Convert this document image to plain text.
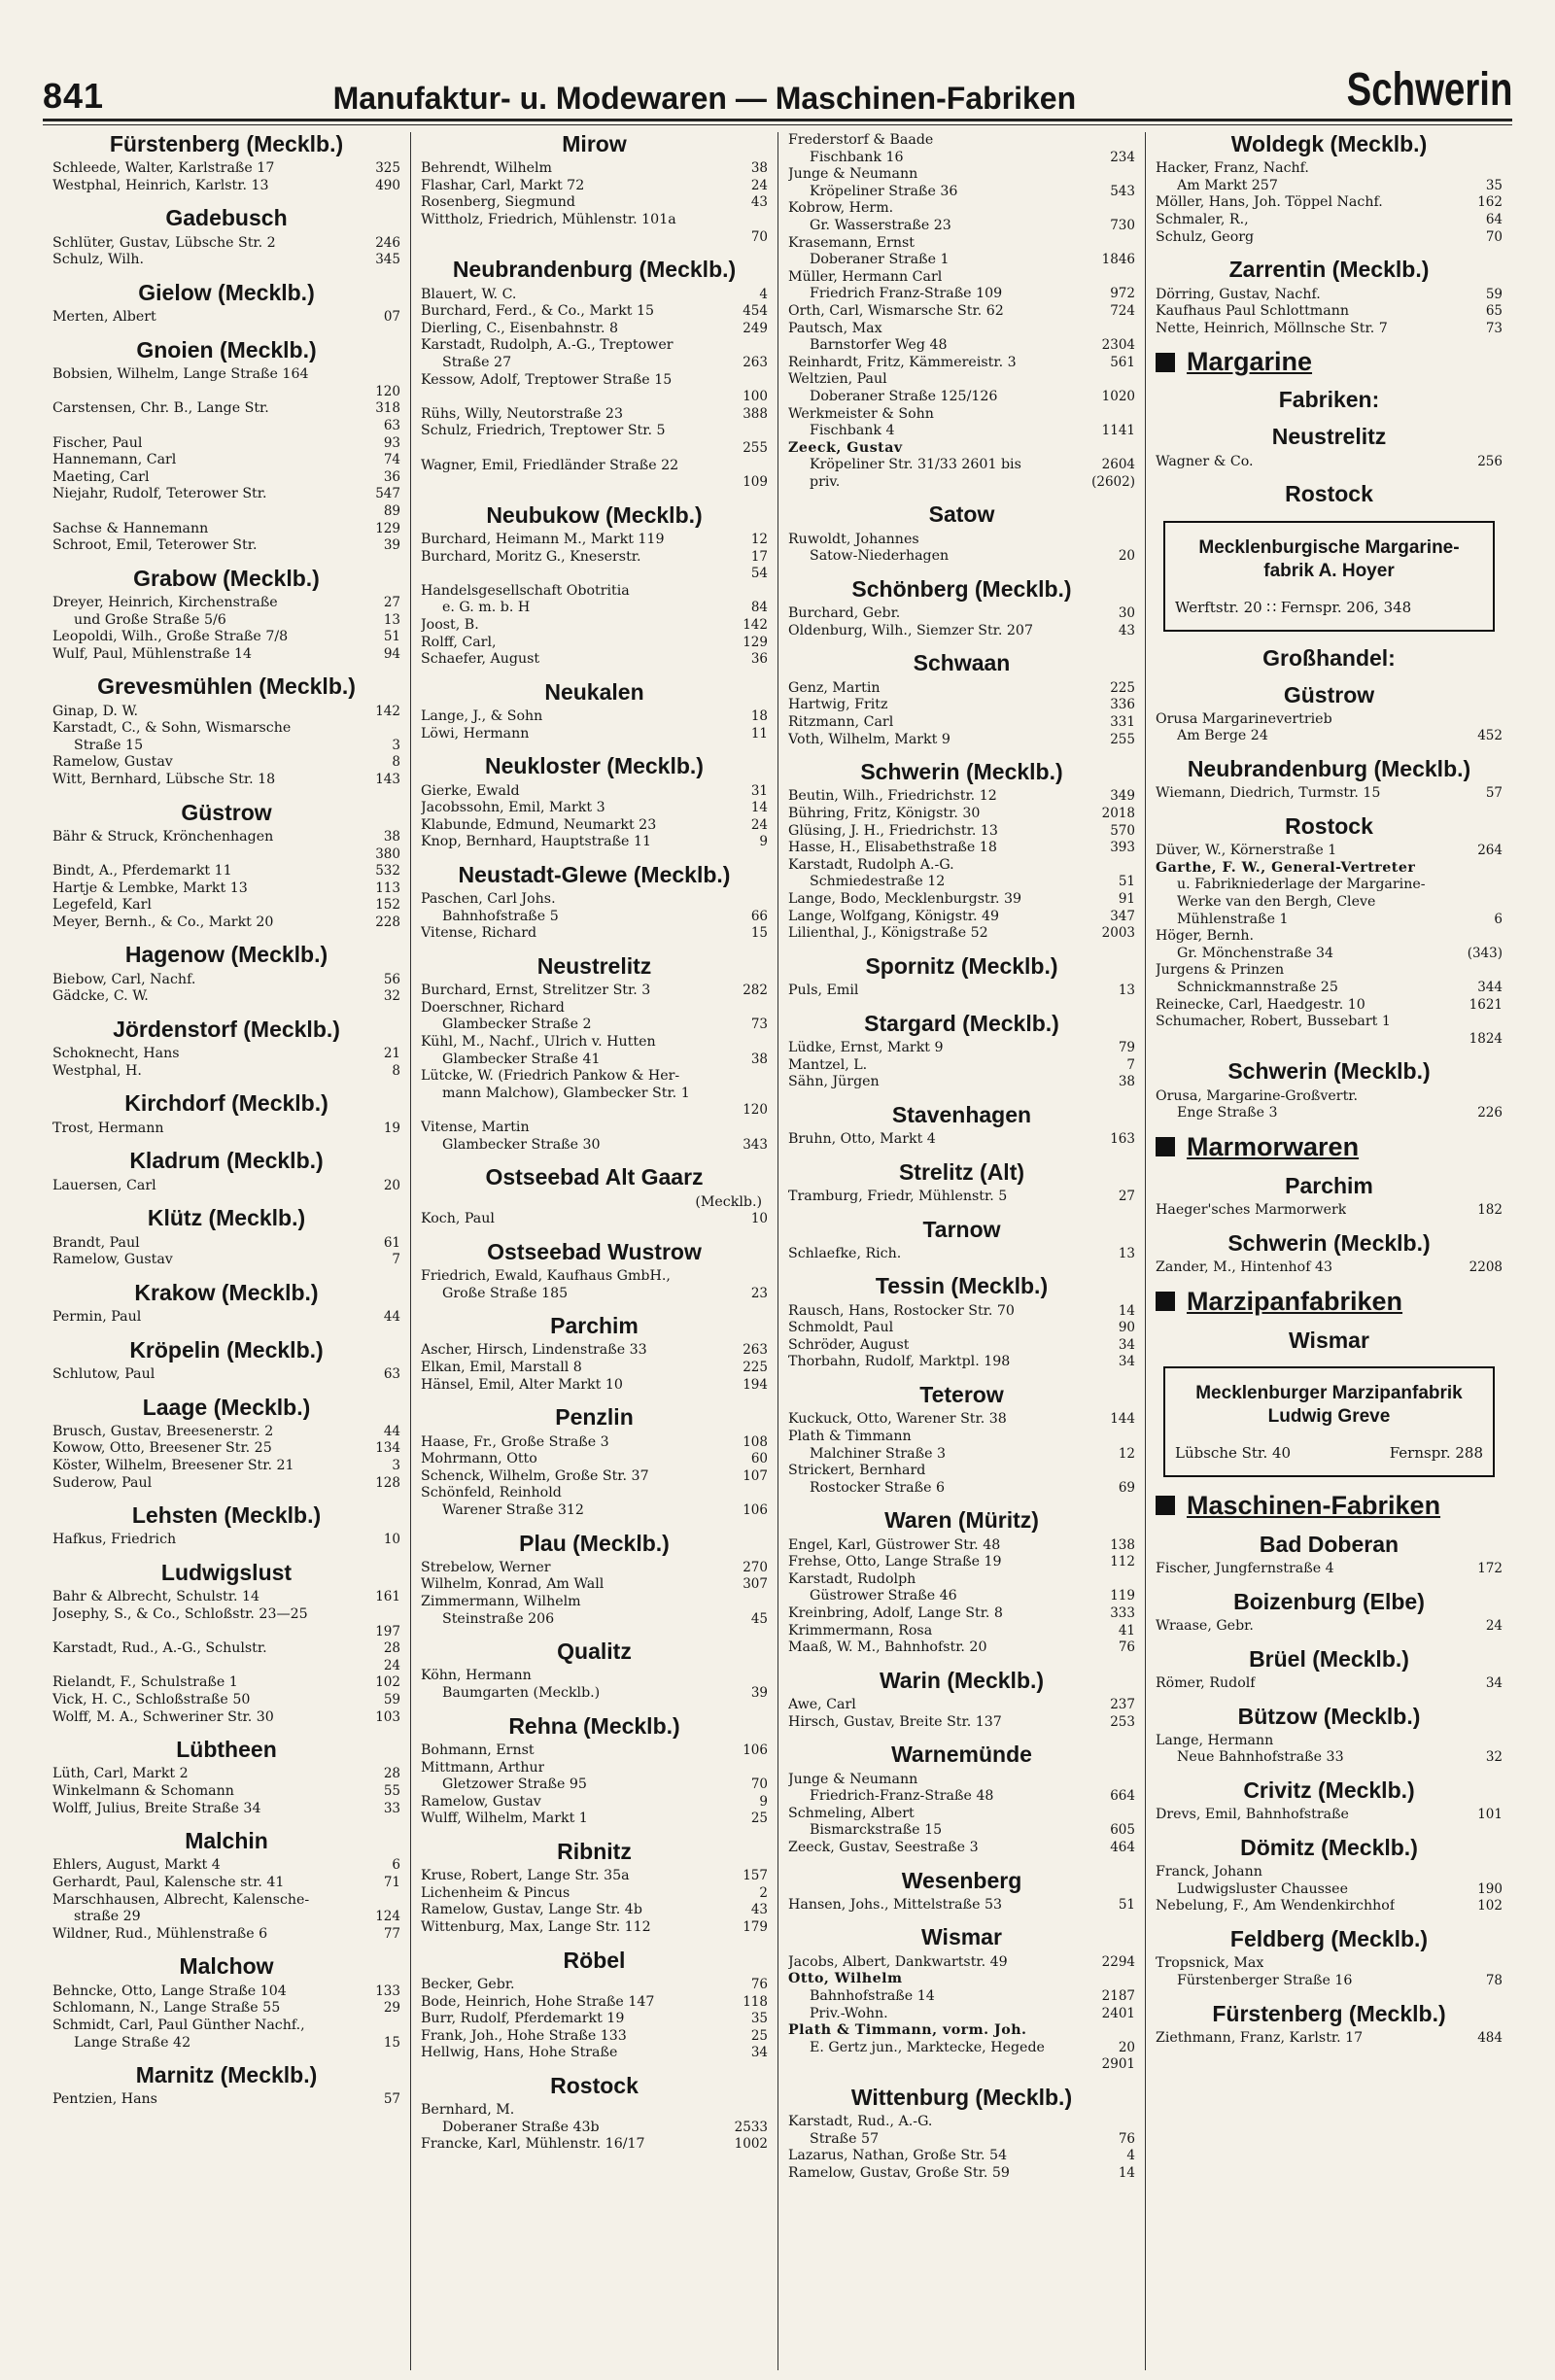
841	Manufaktur- u. Modewaren — Maschinen-Fabriken	Schwerin
Fürstenberg (Mecklb.)
Schleede, Walter, Karlstraße 17	325
Westphal, Heinrich, Karlstr. 13	490
Gadebusch
Schlüter, Gustav, Lübsche Str. 2	246
Schulz, Wilh.	345
Gielow (Mecklb.)
Merten, Albert	07
Gnoien (Mecklb.)
Bobsien, Wilhelm, Lange Straße 164
120
Carstensen, Chr. B., Lange Str.	318
63
Fischer, Paul	93
Hannemann, Carl	74
Maeting, Carl	36
Niejahr, Rudolf, Teterower Str.	547
89
Sachse & Hannemann	129
Schroot, Emil, Teterower Str.	39
Grabow (Mecklb.)
Dreyer, Heinrich, Kirchenstraße	27
und Große Straße 5/6	13
Leopoldi, Wilh., Große Straße 7/8	51
Wulf, Paul, Mühlenstraße 14	94
Grevesmühlen (Mecklb.)
Ginap, D. W.	142
Karstadt, C., & Sohn, Wismarsche
Straße 15	3
Ramelow, Gustav	8
Witt, Bernhard, Lübsche Str. 18	143
Güstrow
Bähr & Struck, Krönchenhagen	38
380
Bindt, A., Pferdemarkt 11	532
Hartje & Lembke, Markt 13	113
Legefeld, Karl	152
Meyer, Bernh., & Co., Markt 20	228
Hagenow (Mecklb.)
Biebow, Carl, Nachf.	56
Gädcke, C. W.	32
Jördenstorf (Mecklb.)
Schoknecht, Hans	21
Westphal, H.	8
Kirchdorf (Mecklb.)
Trost, Hermann	19
Kladrum (Mecklb.)
Lauersen, Carl	20
Klütz (Mecklb.)
Brandt, Paul	61
Ramelow, Gustav	7
Krakow (Mecklb.)
Permin, Paul	44
Kröpelin (Mecklb.)
Schlutow, Paul	63
Laage (Mecklb.)
Brusch, Gustav, Breesenerstr. 2	44
Kowow, Otto, Breesener Str. 25	134
Köster, Wilhelm, Breesener Str. 21	3
Suderow, Paul	128
Lehsten (Mecklb.)
Hafkus, Friedrich	10
Ludwigslust
Bahr & Albrecht, Schulstr. 14	161
Josephy, S., & Co., Schloßstr. 23—25
197
Karstadt, Rud., A.-G., Schulstr.	28
24
Rielandt, F., Schulstraße 1	102
Vick, H. C., Schloßstraße 50	59
Wolff, M. A., Schweriner Str. 30	103
Lübtheen
Lüth, Carl, Markt 2	28
Winkelmann & Schomann	55
Wolff, Julius, Breite Straße 34	33
Malchin
Ehlers, August, Markt 4	6
Gerhardt, Paul, Kalensche str. 41	71
Marschhausen, Albrecht, Kalensche-
straße 29	124
Wildner, Rud., Mühlenstraße 6	77
Malchow
Behncke, Otto, Lange Straße 104	133
Schlomann, N., Lange Straße 55	29
Schmidt, Carl, Paul Günther Nachf.,
Lange Straße 42	15
Marnitz (Mecklb.)
Pentzien, Hans	57
Mirow
Behrendt, Wilhelm	38
Flashar, Carl, Markt 72	24
Rosenberg, Siegmund	43
Wittholz, Friedrich, Mühlenstr. 101a
70
Neubrandenburg (Mecklb.)
Blauert, W. C.	4
Burchard, Ferd., & Co., Markt 15	454
Dierling, C., Eisenbahnstr. 8	249
Karstadt, Rudolph, A.-G., Treptower
Straße 27	263
Kessow, Adolf, Treptower Straße 15
100
Rühs, Willy, Neutorstraße 23	388
Schulz, Friedrich, Treptower Str. 5
255
Wagner, Emil, Friedländer Straße 22
109
Neubukow (Mecklb.)
Burchard, Heimann M., Markt 119	12
Burchard, Moritz G., Kneserstr.	17
54
Handelsgesellschaft Obotritia
e. G. m. b. H	84
Joost, B.	142
Rolff, Carl,	129
Schaefer, August	36
Neukalen
Lange, J., & Sohn	18
Löwi, Hermann	11
Neukloster (Mecklb.)
Gierke, Ewald	31
Jacobssohn, Emil, Markt 3	14
Klabunde, Edmund, Neumarkt 23	24
Knop, Bernhard, Hauptstraße 11	9
Neustadt-Glewe (Mecklb.)
Paschen, Carl Johs.
Bahnhofstraße 5	66
Vitense, Richard	15
Neustrelitz
Burchard, Ernst, Strelitzer Str. 3	282
Doerschner, Richard
Glambecker Straße 2	73
Kühl, M., Nachf., Ulrich v. Hutten
Glambecker Straße 41	38
Lütcke, W. (Friedrich Pankow & Her-
mann Malchow), Glambecker Str. 1
120
Vitense, Martin
Glambecker Straße 30	343
Ostseebad Alt Gaarz
(Mecklb.)
Koch, Paul	10
Ostseebad Wustrow
Friedrich, Ewald, Kaufhaus GmbH.,
Große Straße 185	23
Parchim
Ascher, Hirsch, Lindenstraße 33	263
Elkan, Emil, Marstall 8	225
Hänsel, Emil, Alter Markt 10	194
Penzlin
Haase, Fr., Große Straße 3	108
Mohrmann, Otto	60
Schenck, Wilhelm, Große Str. 37	107
Schönfeld, Reinhold
Warener Straße 312	106
Plau (Mecklb.)
Strebelow, Werner	270
Wilhelm, Konrad, Am Wall	307
Zimmermann, Wilhelm
Steinstraße 206	45
Qualitz
Köhn, Hermann
Baumgarten (Mecklb.)	39
Rehna (Mecklb.)
Bohmann, Ernst	106
Mittmann, Arthur
Gletzower Straße 95	70
Ramelow, Gustav	9
Wulff, Wilhelm, Markt 1	25
Ribnitz
Kruse, Robert, Lange Str. 35a	157
Lichenheim & Pincus	2
Ramelow, Gustav, Lange Str. 4b	43
Wittenburg, Max, Lange Str. 112	179
Röbel
Becker, Gebr.	76
Bode, Heinrich, Hohe Straße 147	118
Burr, Rudolf, Pferdemarkt 19	35
Frank, Joh., Hohe Straße 133	25
Hellwig, Hans, Hohe Straße	34
Rostock
Bernhard, M.
Doberaner Straße 43b	2533
Francke, Karl, Mühlenstr. 16/17	1002
Frederstorf & Baade
Fischbank 16	234
Junge & Neumann
Kröpeliner Straße 36	543
Kobrow, Herm.
Gr. Wasserstraße 23	730
Krasemann, Ernst
Doberaner Straße 1	1846
Müller, Hermann Carl
Friedrich Franz-Straße 109	972
Orth, Carl, Wismarsche Str. 62	724
Pautsch, Max
Barnstorfer Weg 48	2304
Reinhardt, Fritz, Kämmereistr. 3	561
Weltzien, Paul
Doberaner Straße 125/126	1020
Werkmeister & Sohn
Fischbank 4	1141
Zeeck, Gustav
Kröpeliner Str. 31/33 2601 bis	2604
priv.	(2602)
Satow
Ruwoldt, Johannes
Satow-Niederhagen	20
Schönberg (Mecklb.)
Burchard, Gebr.	30
Oldenburg, Wilh., Siemzer Str. 207	43
Schwaan
Genz, Martin	225
Hartwig, Fritz	336
Ritzmann, Carl	331
Voth, Wilhelm, Markt 9	255
Schwerin (Mecklb.)
Beutin, Wilh., Friedrichstr. 12	349
Bühring, Fritz, Königstr. 30	2018
Glüsing, J. H., Friedrichstr. 13	570
Hasse, H., Elisabethstraße 18	393
Karstadt, Rudolph A.-G.
Schmiedestraße 12	51
Lange, Bodo, Mecklenburgstr. 39	91
Lange, Wolfgang, Königstr. 49	347
Lilienthal, J., Königstraße 52	2003
Spornitz (Mecklb.)
Puls, Emil	13
Stargard (Mecklb.)
Lüdke, Ernst, Markt 9	79
Mantzel, L.	7
Sähn, Jürgen	38
Stavenhagen
Bruhn, Otto, Markt 4	163
Strelitz (Alt)
Tramburg, Friedr, Mühlenstr. 5	27
Tarnow
Schlaefke, Rich.	13
Tessin (Mecklb.)
Rausch, Hans, Rostocker Str. 70	14
Schmoldt, Paul	90
Schröder, August	34
Thorbahn, Rudolf, Marktpl. 198	34
Teterow
Kuckuck, Otto, Warener Str. 38	144
Plath & Timmann
Malchiner Straße 3	12
Strickert, Bernhard
Rostocker Straße 6	69
Waren (Müritz)
Engel, Karl, Güstrower Str. 48	138
Frehse, Otto, Lange Straße 19	112
Karstadt, Rudolph
Güstrower Straße 46	119
Kreinbring, Adolf, Lange Str. 8	333
Krimmermann, Rosa	41
Maaß, W. M., Bahnhofstr. 20	76
Warin (Mecklb.)
Awe, Carl	237
Hirsch, Gustav, Breite Str. 137	253
Warnemünde
Junge & Neumann
Friedrich-Franz-Straße 48	664
Schmeling, Albert
Bismarckstraße 15	605
Zeeck, Gustav, Seestraße 3	464
Wesenberg
Hansen, Johs., Mittelstraße 53	51
Wismar
Jacobs, Albert, Dankwartstr. 49	2294
Otto, Wilhelm
Bahnhofstraße 14	2187
Priv.-Wohn.	2401
Plath & Timmann, vorm. Joh.
E. Gertz jun., Marktecke, Hegede	20
2901
Wittenburg (Mecklb.)
Karstadt, Rud., A.-G.
Straße 57	76
Lazarus, Nathan, Große Str. 54	4
Ramelow, Gustav, Große Str. 59	14
Woldegk (Mecklb.)
Hacker, Franz, Nachf.
Am Markt 257	35
Möller, Hans, Joh. Töppel Nachf.	162
Schmaler, R.,	64
Schulz, Georg	70
Zarrentin (Mecklb.)
Dörring, Gustav, Nachf.	59
Kaufhaus Paul Schlottmann	65
Nette, Heinrich, Möllnsche Str. 7	73
Margarine
Fabriken:
Neustrelitz
Wagner & Co.	256
Rostock
Mecklenburgische Margarine-
fabrik A. Hoyer
Werftstr. 20 ∷ Fernspr. 206, 348
Großhandel:
Güstrow
Orusa Margarinevertrieb
Am Berge 24	452
Neubrandenburg (Mecklb.)
Wiemann, Diedrich, Turmstr. 15	57
Rostock
Düver, W., Körnerstraße 1	264
Garthe, F. W., General-Vertreter
u. Fabrikniederlage der Margarine-
Werke van den Bergh, Cleve
Mühlenstraße 1	6
Höger, Bernh.
Gr. Mönchenstraße 34	(343)
Jurgens & Prinzen
Schnickmannstraße 25	344
Reinecke, Carl, Haedgestr. 10	1621
Schumacher, Robert, Bussebart 1
1824
Schwerin (Mecklb.)
Orusa, Margarine-Großvertr.
Enge Straße 3	226
Marmorwaren
Parchim
Haeger'sches Marmorwerk	182
Schwerin (Mecklb.)
Zander, M., Hintenhof 43	2208
Marzipanfabriken
Wismar
Mecklenburger Marzipanfabrik
Ludwig Greve
Lübsche Str. 40	Fernspr. 288
Maschinen-Fabriken
Bad Doberan
Fischer, Jungfernstraße 4	172
Boizenburg (Elbe)
Wraase, Gebr.	24
Brüel (Mecklb.)
Römer, Rudolf	34
Bützow (Mecklb.)
Lange, Hermann
Neue Bahnhofstraße 33	32
Crivitz (Mecklb.)
Drevs, Emil, Bahnhofstraße	101
Dömitz (Mecklb.)
Franck, Johann
Ludwigsluster Chaussee	190
Nebelung, F., Am Wendenkirchhof	102
Feldberg (Mecklb.)
Tropsnick, Max
Fürstenberger Straße 16	78
Fürstenberg (Mecklb.)
Ziethmann, Franz, Karlstr. 17	484
